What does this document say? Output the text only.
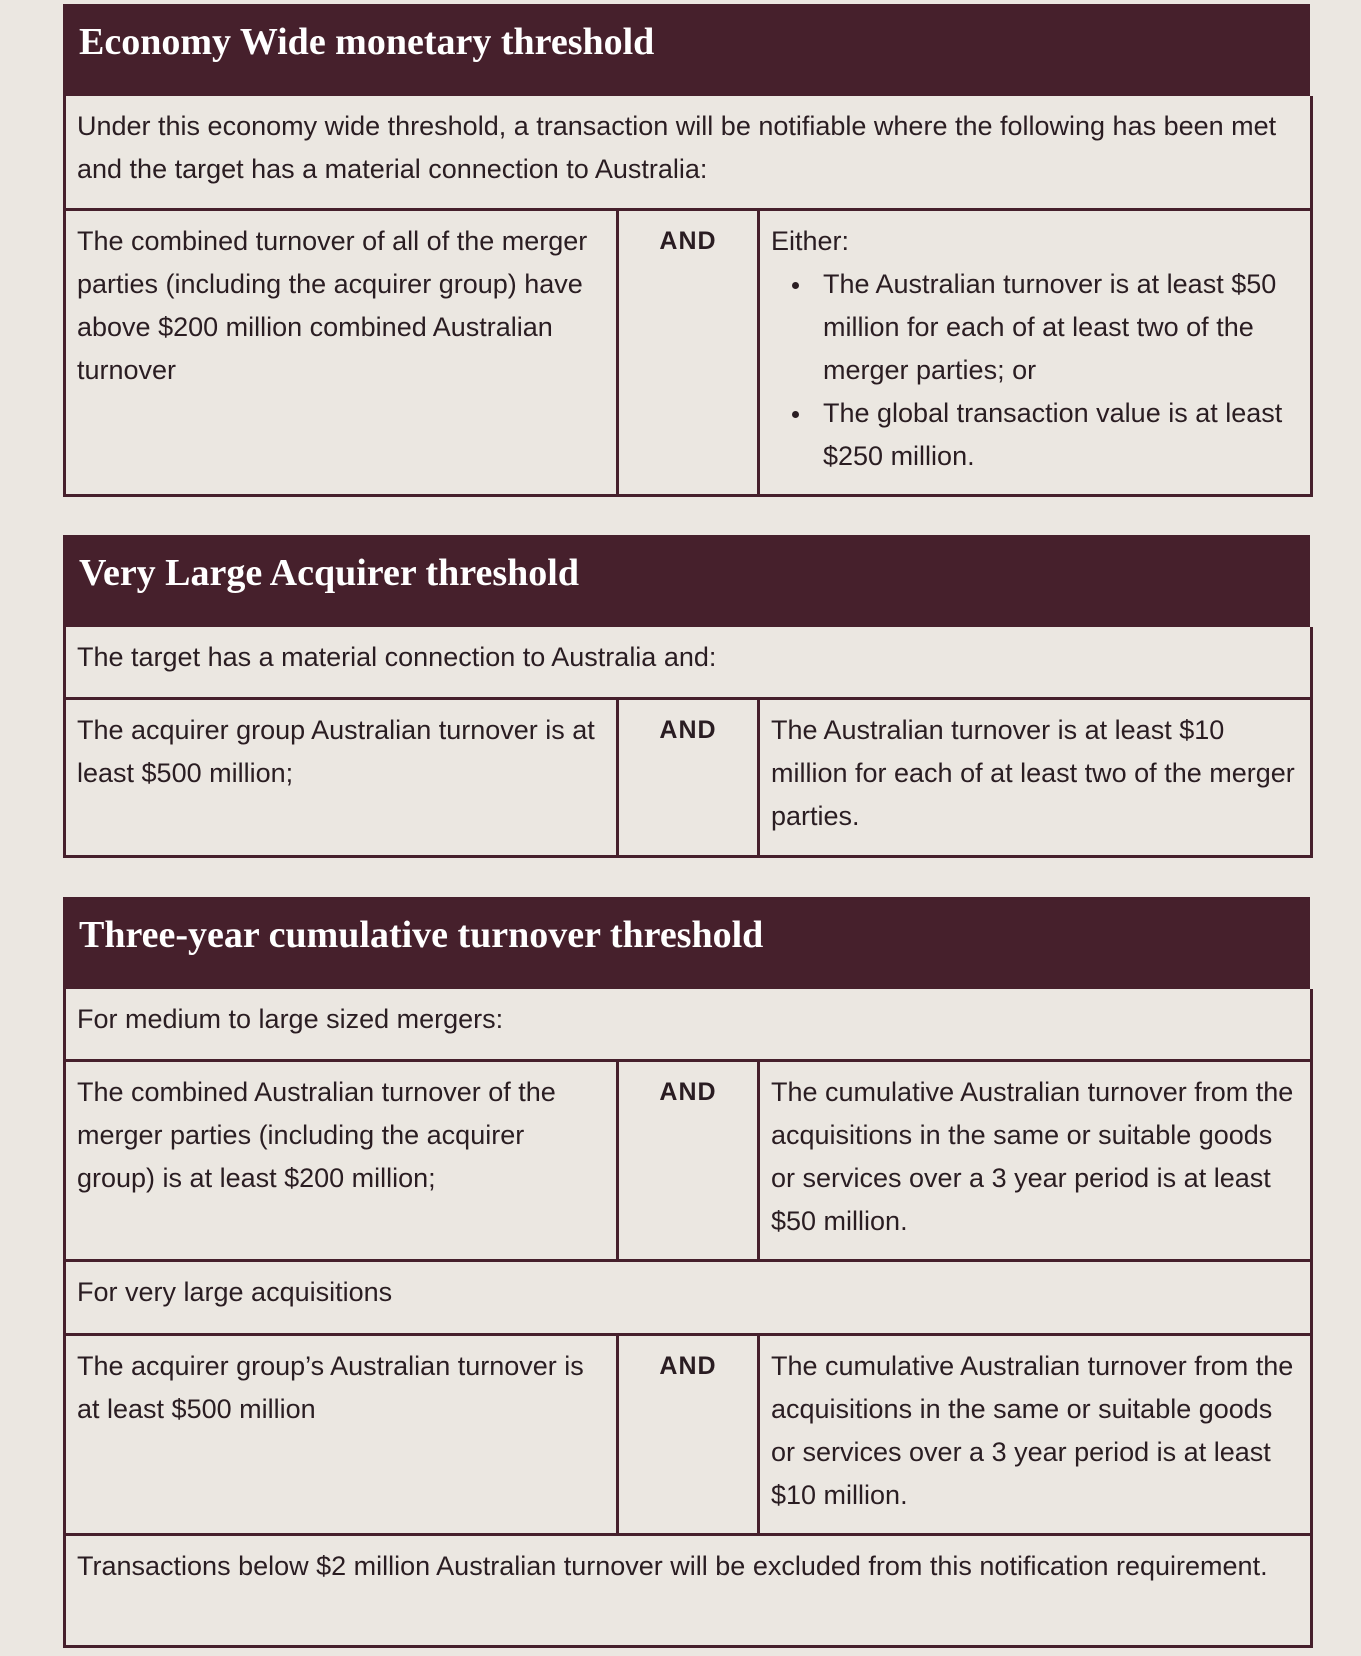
Economy Wide monetary threshold
Under this economy wide threshold, a transaction will be notifiable where the following has been met and the target has a material connection to Australia:
The combined turnover of all of the merger parties (including the acquirer group) have above $200 million combined Australian turnover	AND	Either:
• The Australian turnover is at least $50 million for each of at least two of the merger parties; or
• The global transaction value is at least $250 million.
Very Large Acquirer threshold
The target has a material connection to Australia and:
The acquirer group Australian turnover is at least $500 million;	AND	The Australian turnover is at least $10 million for each of at least two of the merger parties.
Three-year cumulative turnover threshold
For medium to large sized mergers:		
The combined Australian turnover of the merger parties (including the acquirer group) is at least $200 million;	AND	The cumulative Australian turnover from the acquisitions in the same or suitable goods or services over a 3 year period is at least $50 million.
For very large acquisitions		
The acquirer group’s Australian turnover is at least $500 million	AND	The cumulative Australian turnover from the acquisitions in the same or suitable goods or services over a 3 year period is at least $10 million.
Transactions below $2 million Australian turnover will be excluded from this notification requirement.		
